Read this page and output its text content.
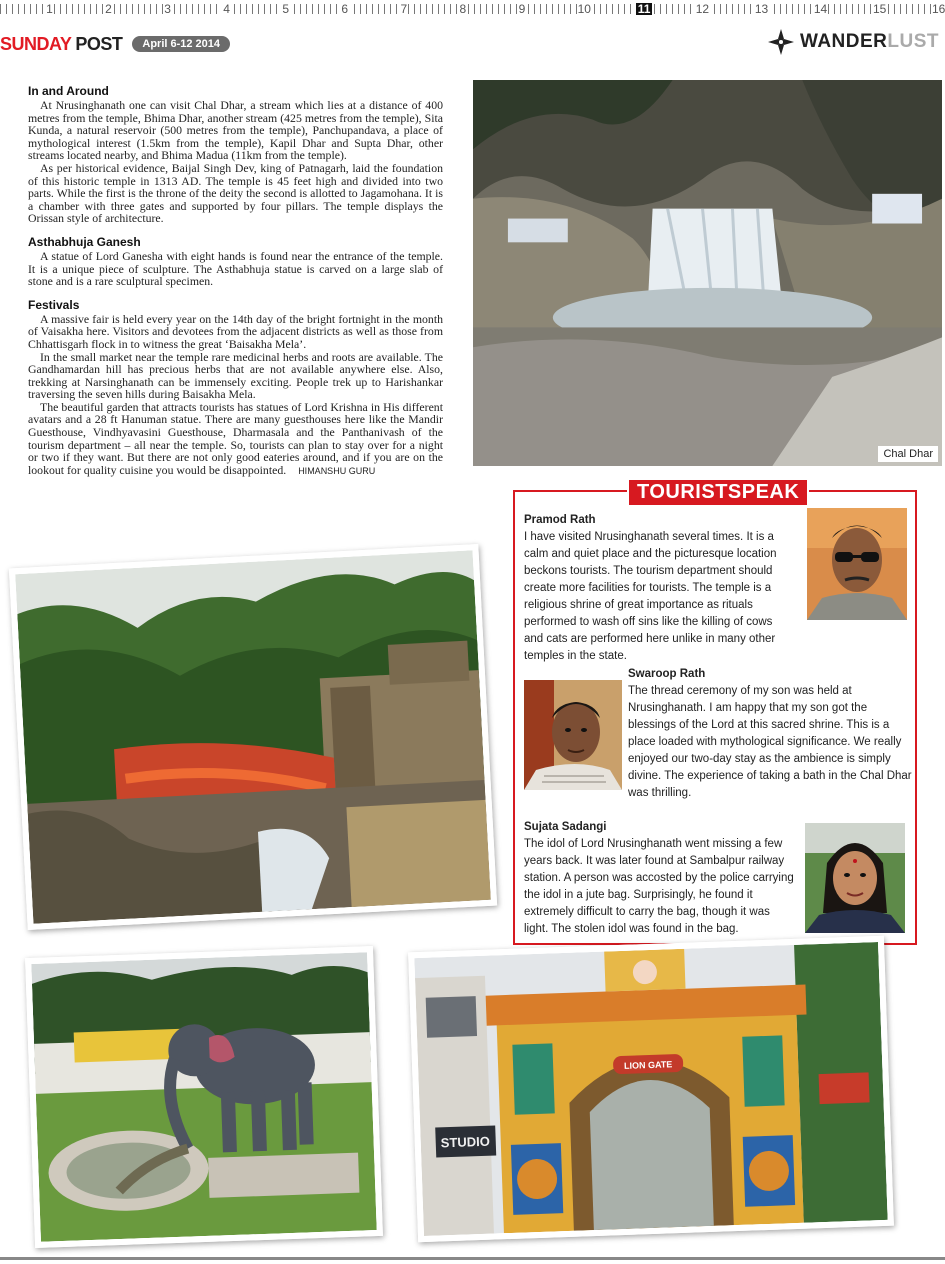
1	2	3	4	5	6	7	8	9	10	11	12	13	14	15	16
SUNDAY POST	April 6-12 2014	WANDERLUST
In and Around

At Nrusinghanath one can visit Chal Dhar, a stream which lies at a distance of 400 metres from the temple, Bhima Dhar, another stream (425 metres from the temple), Sita Kunda, a natural reservoir (500 metres from the temple), Panchupandava, a place of mythological interest (1.5km from the temple), Kapil Dhar and Supta Dhar, other streams located nearby, and Bhima Madua (11km from the temple).

As per historical evidence, Baijal Singh Dev, king of Patnagarh, laid the foundation of this historic temple in 1313 AD. The temple is 45 feet high and divided into two parts. While the first is the throne of the deity the second is allotted to Jagamohana. It is a chamber with three gates and supported by four pillars. The temple displays the Orissan style of architecture.

Asthabhuja Ganesh

A statue of Lord Ganesha with eight hands is found near the entrance of the temple. It is a unique piece of sculpture. The Asthabhuja statue is carved on a large slab of stone and is a rare sculptural specimen.

Festivals

A massive fair is held every year on the 14th day of the bright fortnight in the month of Vaisakha here. Visitors and devotees from the adjacent districts as well as those from Chhattisgarh flock in to witness the great ‘Baisakha Mela’.

In the small market near the temple rare medicinal herbs and roots are available. The Gandhamardan hill has precious herbs that are not available anywhere else. Also, trekking at Narsinghanath can be immensely exciting. People trek up to Harishankar traversing the seven hills during Baisakha Mela.

The beautiful garden that attracts tourists has statues of Lord Krishna in His different avatars and a 28 ft Hanuman statue. There are many guesthouses here like the Mandir Guesthouse, Vindhyavasini Guesthouse, Dharmasala and the Panthanivash of the tourism department – all near the temple. So, tourists can plan to stay over for a night or two if they want. But there are not only good eateries around, and if you are on the lookout for quality cuisine you would be disappointed. HIMANSHU GURU

Chal Dhar
TOURISTSPEAK
Pramod Rath
I have visited Nrusinghanath several times. It is a calm and quiet place and the picturesque location beckons tourists. The tourism department should create more facilities for tourists. The temple is a religious shrine of great importance as rituals performed to wash off sins like the killing of cows and cats are performed here unlike in many other temples in the state.
Swaroop Rath
The thread ceremony of my son was held at Nrusinghanath. I am happy that my son got the blessings of the Lord at this sacred shrine. This is a place loaded with mythological significance. We really enjoyed our two-day stay as the ambience is simply divine. The experience of taking a bath in the Chal Dhar was thrilling.
Sujata Sadangi
The idol of Lord Nrusinghanath went missing a few years back. It was later found at Sambalpur railway station. A person was accosted by the police carrying the idol in a jute bag. Surprisingly, he found it extremely difficult to carry the bag, though it was light. The stolen idol was found in the bag.
STUDIO
LION GATE
